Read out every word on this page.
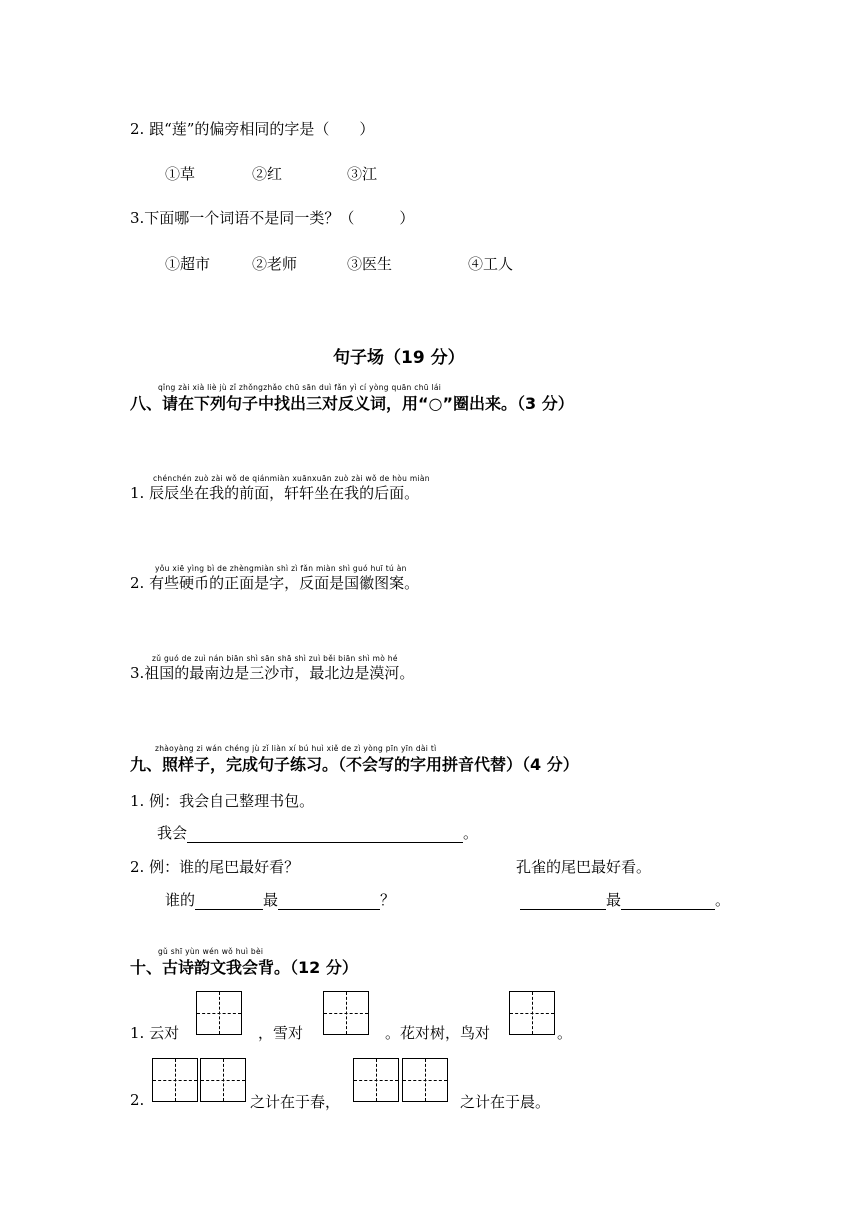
2. 跟“莲”的偏旁相同的字是（　　）
①草	②红	③江
3.下面哪一个词语不是同一类？（　　　）
①超市	②老师	③医生	④工人
句子场（19 分）
qǐng zài xià liè jù zǐ zhǒngzhǎo chū sān duì fǎn yì cí yòng quān chū lái
八、请在下列句子中找出三对反义词，用“○”圈出来。（3 分）
chénchén zuò zài wǒ de qiánmiàn xuānxuān zuò zài wǒ de hòu miàn
1. 辰辰坐在我的前面，轩轩坐在我的后面。
yǒu xiē yìng bì de zhèngmiàn shì zì fǎn miàn shì guó huī tú àn
2. 有些硬币的正面是字，反面是国徽图案。
zǔ guó de zuì nán biān shì sān shā shì zuì běi biān shì mò hé
3.祖国的最南边是三沙市，最北边是漠河。
zhàoyàng zi wán chéng jù zǐ liàn xí bú huì xiě de zì yòng pīn yīn dài tì
九、照样子，完成句子练习。（不会写的字用拼音代替）（4 分）
1. 例：我会自己整理书包。
我会	。
2. 例：谁的尾巴最好看？	孔雀的尾巴最好看。
谁的	最	？	最	。
gǔ shī yùn wén wǒ huì bèi
十、古诗韵文我会背。（12 分）
1. 云对	，雪对	。花对树，鸟对	。
2.	之计在于春，	之计在于晨。
